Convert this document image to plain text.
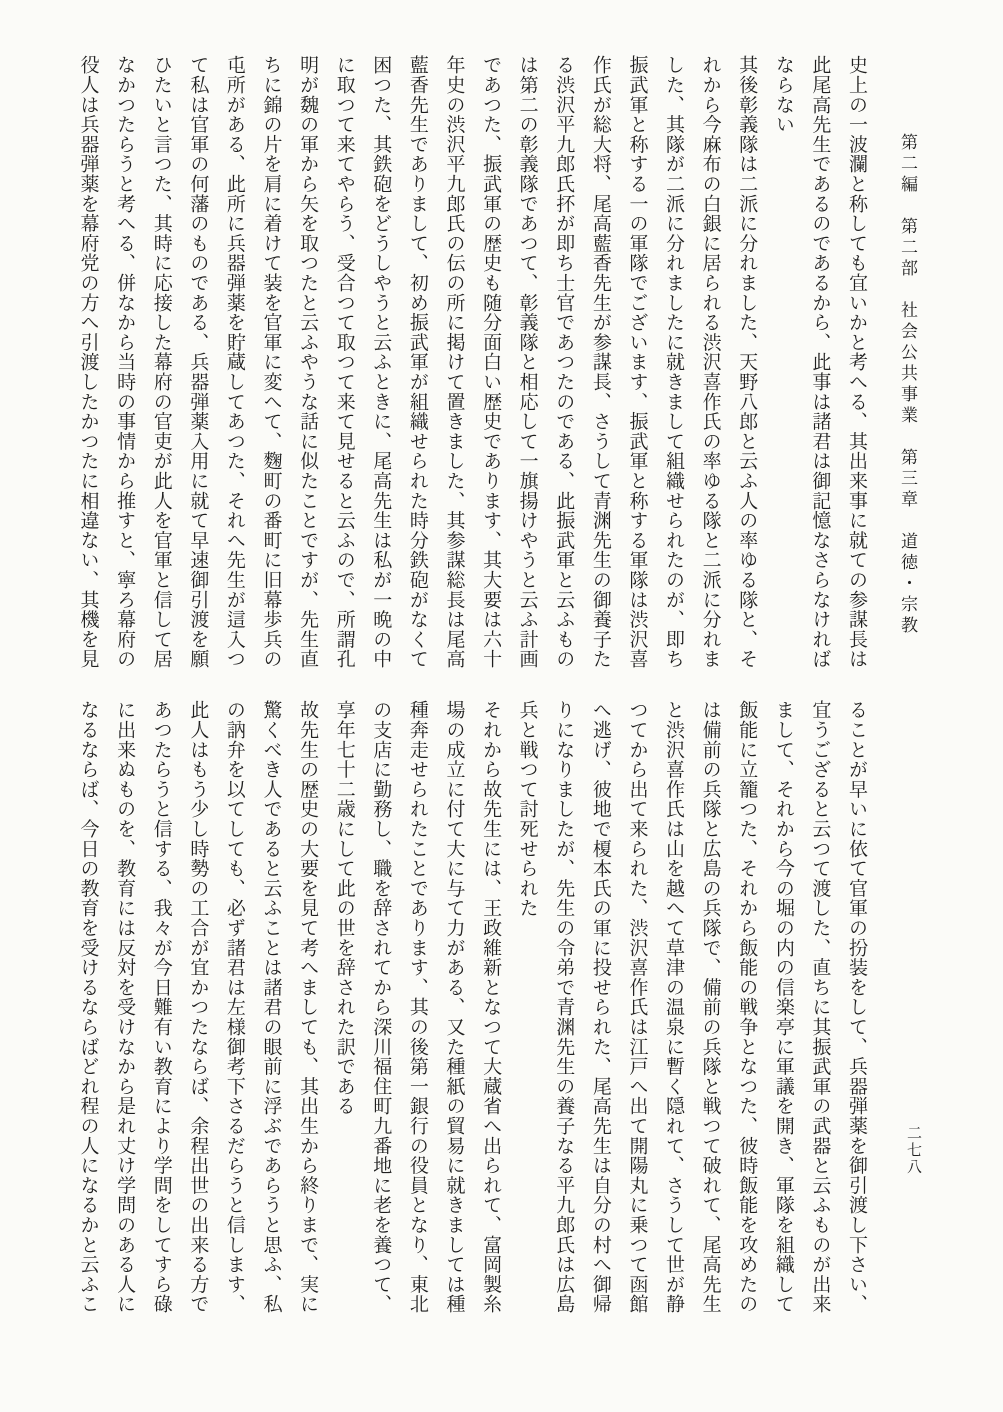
第二編　第二部　社会公共事業　第三章　道徳・宗教

史上の一波瀾と称しても宜いかと考へる、其出来事に就ての参謀長は

此尾高先生であるのであるから、此事は諸君は御記憶なさらなければ

ならない

其後彰義隊は二派に分れました、天野八郎と云ふ人の率ゆる隊と、そ

れから今麻布の白銀に居られる渋沢喜作氏の率ゆる隊と二派に分れま

した、其隊が二派に分れましたに就きまして組織せられたのが、即ち

振武軍と称する一の軍隊でございます、振武軍と称する軍隊は渋沢喜

作氏が総大将、尾高藍香先生が参謀長、さうして青渊先生の御養子た

る渋沢平九郎氏抔が即ち士官であつたのである、此振武軍と云ふもの

は第二の彰義隊であつて、彰義隊と相応して一旗揚けやうと云ふ計画

であつた、振武軍の歴史も随分面白い歴史であります、其大要は六十

年史の渋沢平九郎氏の伝の所に掲けて置きました、其参謀総長は尾高

藍香先生でありまして、初め振武軍が組織せられた時分鉄砲がなくて

困つた、其鉄砲をどうしやうと云ふときに、尾高先生は私が一晩の中

に取つて来てやらう、受合つて取つて来て見せると云ふので、所謂孔

明が魏の軍から矢を取つたと云ふやうな話に似たことですが、先生直

ちに錦の片を肩に着けて装を官軍に変へて、麴町の番町に旧幕歩兵の

屯所がある、此所に兵器弾薬を貯蔵してあつた、それへ先生が這入つ

て私は官軍の何藩のものである、兵器弾薬入用に就て早速御引渡を願

ひたいと言つた、其時に応接した幕府の官吏が此人を官軍と信して居

なかつたらうと考へる、併なから当時の事情から推すと、寧ろ幕府の

役人は兵器弾薬を幕府党の方へ引渡したかつたに相違ない、其機を見

二七八

ることが早いに依て官軍の扮装をして、兵器弾薬を御引渡し下さい、

宜うござると云つて渡した、直ちに其振武軍の武器と云ふものが出来

まして、それから今の堀の内の信楽亭に軍議を開き、軍隊を組織して

飯能に立籠つた、それから飯能の戦争となつた、彼時飯能を攻めたの

は備前の兵隊と広島の兵隊で、備前の兵隊と戦つて破れて、尾高先生

と渋沢喜作氏は山を越へて草津の温泉に暫く隠れて、さうして世が静

つてから出て来られた、渋沢喜作氏は江戸へ出て開陽丸に乗つて函館

へ逃げ、彼地で榎本氏の軍に投せられた、尾高先生は自分の村へ御帰

りになりましたが、先生の令弟で青渊先生の養子なる平九郎氏は広島

兵と戦つて討死せられた

それから故先生には、王政維新となつて大蔵省へ出られて、富岡製糸

場の成立に付て大に与て力がある、又た種紙の貿易に就きましては種

種奔走せられたことであります、其の後第一銀行の役員となり、東北

の支店に勤務し、職を辞されてから深川福住町九番地に老を養つて、

享年七十二歳にして此の世を辞された訳である

故先生の歴史の大要を見て考へましても、其出生から終りまで、実に

驚くべき人であると云ふことは諸君の眼前に浮ぶであらうと思ふ、私

の訥弁を以てしても、必ず諸君は左様御考下さるだらうと信します、

此人はもう少し時勢の工合が宜かつたならば、余程出世の出来る方で

あつたらうと信する、我々が今日難有い教育により学問をしてすら碌

に出来ぬものを、教育には反対を受けなから是れ丈け学問のある人に

なるならば、今日の教育を受けるならばどれ程の人になるかと云ふこ
